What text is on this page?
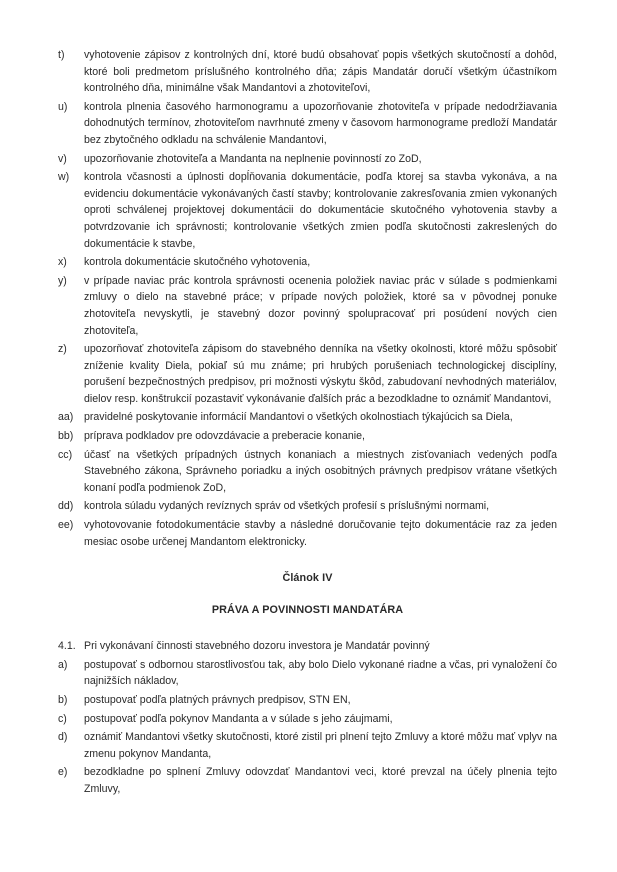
t)	vyhotovenie zápisov z kontrolných dní, ktoré budú obsahovať popis všetkých skutočností a dohôd, ktoré boli predmetom príslušného kontrolného dňa; zápis Mandatár doručí všetkým účastníkom kontrolného dňa, minimálne však Mandantovi a zhotoviteľovi,
u)	kontrola plnenia časového harmonogramu a upozorňovanie zhotoviteľa v prípade nedodržiavania dohodnutých termínov, zhotoviteľom navrhnuté zmeny v časovom harmonograme predloží Mandatár bez zbytočného odkladu na schválenie Mandantovi,
v)	upozorňovanie zhotoviteľa a Mandanta na neplnenie povinností zo ZoD,
w)	kontrola včasnosti a úplnosti dopĺňovania dokumentácie, podľa ktorej sa stavba vykonáva, a na evidenciu dokumentácie vykonávaných častí stavby; kontrolovanie zakresľovania zmien vykonaných oproti schválenej projektovej dokumentácii do dokumentácie skutočného vyhotovenia stavby a potvrdzovanie ich správnosti; kontrolovanie všetkých zmien podľa skutočnosti zakreslených do dokumentácie k stavbe,
x)	kontrola dokumentácie skutočného vyhotovenia,
y)	v prípade naviac prác kontrola správnosti ocenenia položiek naviac prác v súlade s podmienkami zmluvy o dielo na stavebné práce; v prípade nových položiek, ktoré sa v pôvodnej ponuke zhotoviteľa nevyskytli, je stavebný dozor povinný spolupracovať pri posúdení nových cien zhotoviteľa,
z)	upozorňovať zhotoviteľa zápisom do stavebného denníka na všetky okolnosti, ktoré môžu spôsobiť zníženie kvality Diela, pokiaľ sú mu známe; pri hrubých porušeniach technologickej disciplíny, porušení bezpečnostných predpisov, pri možnosti výskytu škôd, zabudovaní nevhodných materiálov, dielov resp. konštrukcií pozastaviť vykonávanie ďalších prác a bezodkladne to oznámiť Mandantovi,
aa)	pravidelné poskytovanie informácií Mandantovi o všetkých okolnostiach týkajúcich sa Diela,
bb)	príprava podkladov pre odovzdávacie a preberacie konanie,
cc)	účasť na všetkých prípadných ústnych konaniach a miestnych zisťovaniach vedených podľa Stavebného zákona, Správneho poriadku a iných osobitných právnych predpisov vrátane všetkých konaní podľa podmienok ZoD,
dd)	kontrola súladu vydaných revíznych správ od všetkých profesií s príslušnými normami,
ee)	vyhotovovanie fotodokumentácie stavby a následné doručovanie tejto dokumentácie raz za jeden mesiac osobe určenej Mandantom elektronicky.
Článok IV
PRÁVA A POVINNOSTI MANDATÁRA
4.1. Pri vykonávaní činnosti stavebného dozoru investora je Mandatár povinný
a)	postupovať s odbornou starostlivosťou tak, aby bolo Dielo vykonané riadne a včas, pri vynaložení čo najnižších nákladov,
b)	postupovať podľa platných právnych predpisov, STN EN,
c)	postupovať podľa pokynov Mandanta a v súlade s jeho záujmami,
d)	oznámiť Mandantovi všetky skutočnosti, ktoré zistil pri plnení tejto Zmluvy a ktoré môžu mať vplyv na zmenu pokynov Mandanta,
e)	bezodkladne po splnení Zmluvy odovzdať Mandantovi veci, ktoré prevzal na účely plnenia tejto Zmluvy,
